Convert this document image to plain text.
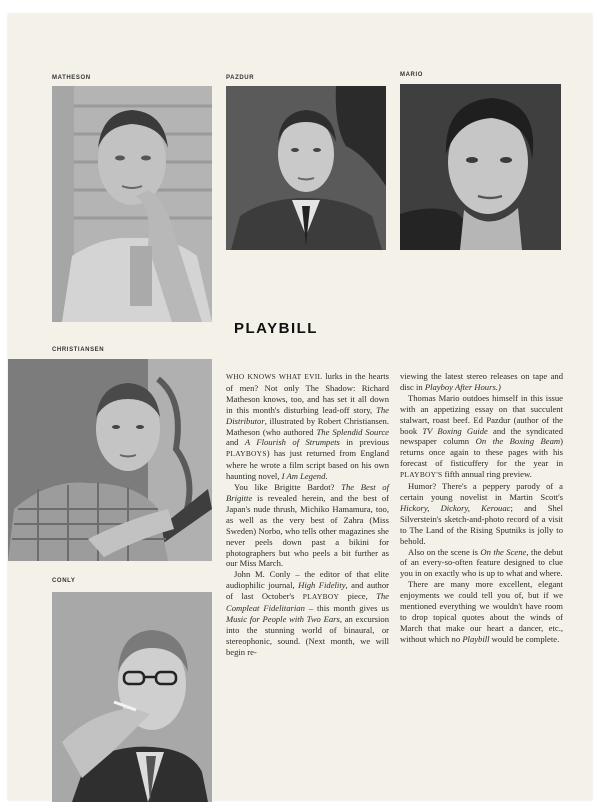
MATHESON	PAZDUR	MARIO
CHRISTIANSEN
CONLY
PLAYBILL

WHO KNOWS WHAT EVIL lurks in the hearts of men? Not only The Shadow: Richard Matheson knows, too, and has set it all down in this month's disturbing lead-off story, The Distributor, illustrated by Robert Christiansen. Matheson (who authored The Splendid Source and A Flourish of Strumpets in previous PLAYBOYS) has just returned from England where he wrote a film script based on his own haunting novel, I Am Legend.

You like Brigitte Bardot? The Best of Brigitte is revealed herein, and the best of Japan's nude thrush, Michiko Hamamura, too, as well as the very best of Zahra (Miss Sweden) Norbo, who tells other magazines she never peels down past a bikini for photographers but who peels a bit further as our Miss March.

John M. Conly – the editor of that elite audiophilic journal, High Fidelity, and author of last October's PLAYBOY piece, The Compleat Fidelitarian – this month gives us Music for People with Two Ears, an excursion into the stunning world of binaural, or stereophonic, sound. (Next month, we will begin re-

viewing the latest stereo releases on tape and disc in Playboy After Hours.)

Thomas Mario outdoes himself in this issue with an appetizing essay on that succulent stalwart, roast beef. Ed Pazdur (author of the book TV Boxing Guide and the syndicated newspaper column On the Boxing Beam) returns once again to these pages with his forecast of fisticuffery for the year in PLAYBOY'S fifth annual ring preview.

Humor? There's a peppery parody of a certain young novelist in Martin Scott's Hickory, Dickory, Kerouac; and Shel Silverstein's sketch-and-photo record of a visit to The Land of the Rising Sputniks is jolly to behold.

Also on the scene is On the Scene, the debut of an every-so-often feature designed to clue you in on exactly who is up to what and where.

There are many more excellent, elegant enjoyments we could tell you of, but if we mentioned everything we wouldn't have room to drop topical quotes about the winds of March that make our heart a dancer, etc., without which no Playbill would be complete.
